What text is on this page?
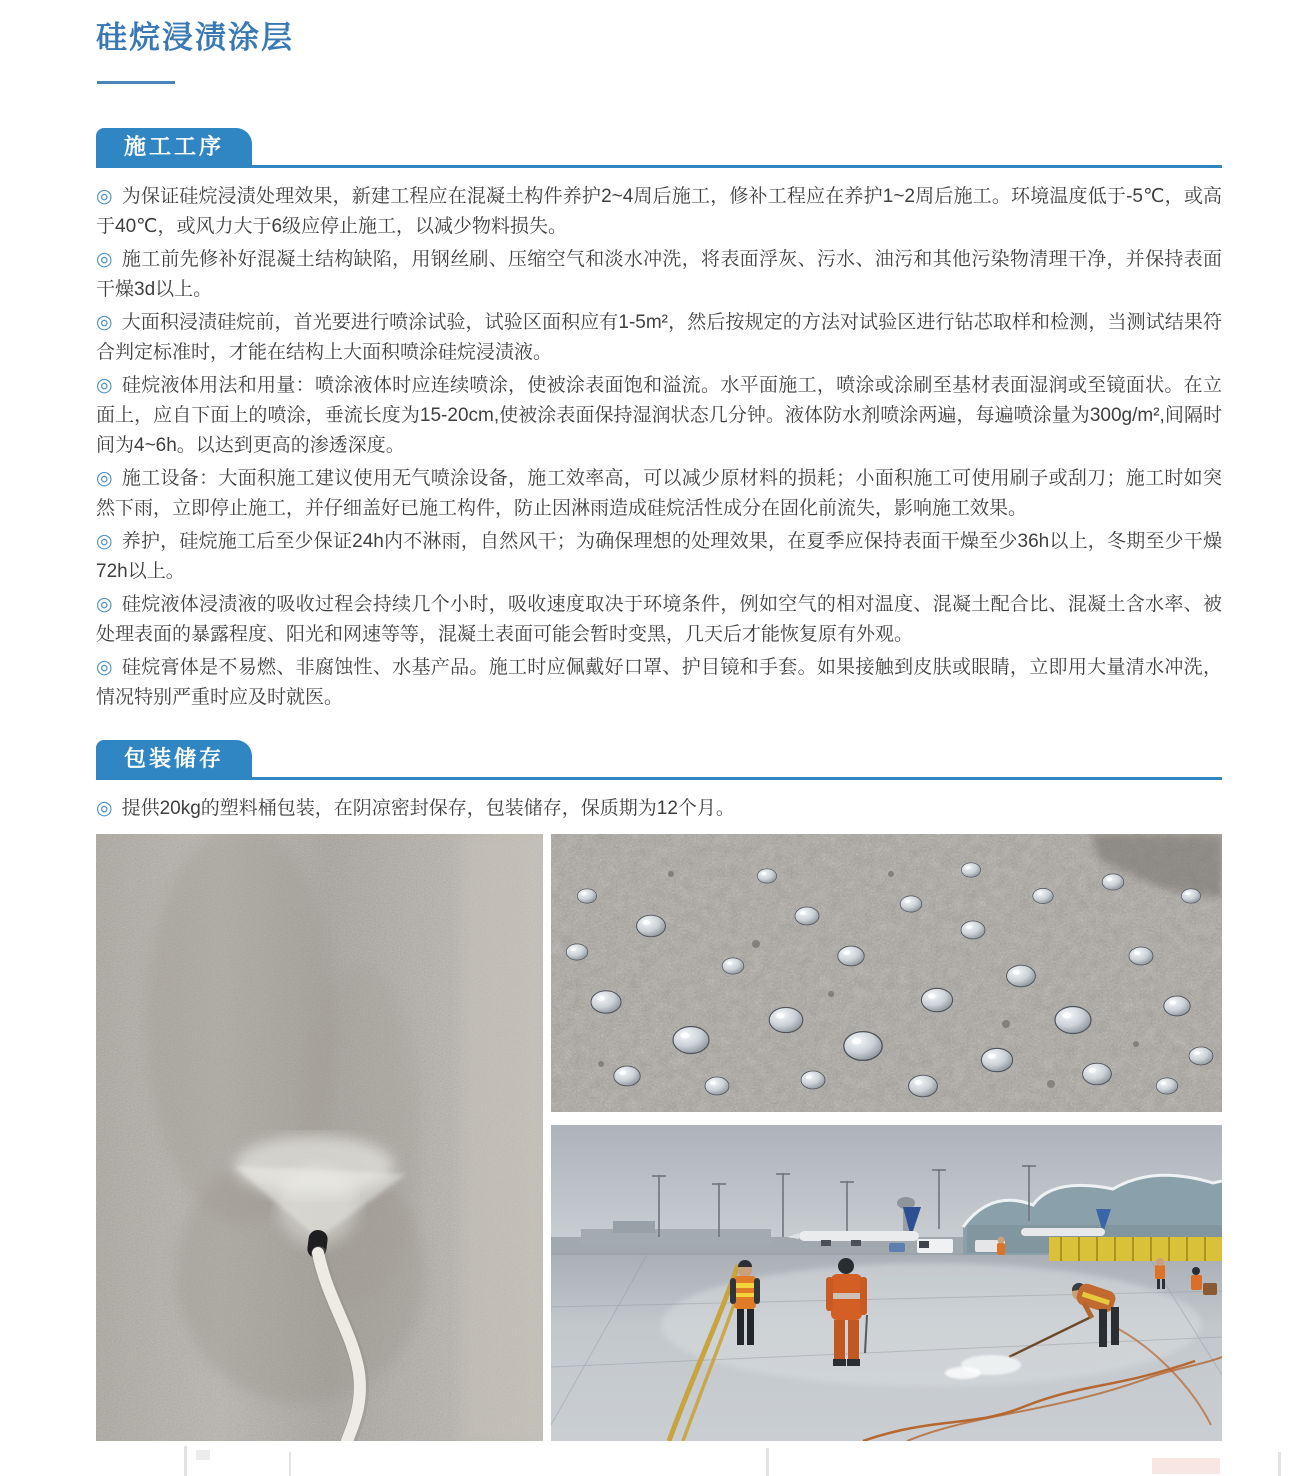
硅烷浸渍涂层
施工工序
◎ 为保证硅烷浸渍处理效果，新建工程应在混凝土构件养护2~4周后施工，修补工程应在养护1~2周后施工。环境温度低于-5℃，或高于40℃，或风力大于6级应停止施工，以减少物料损失。
◎ 施工前先修补好混凝土结构缺陷，用钢丝刷、压缩空气和淡水冲洗，将表面浮灰、污水、油污和其他污染物清理干净，并保持表面干燥3d以上。
◎ 大面积浸渍硅烷前，首光要进行喷涂试验，试验区面积应有1-5m²，然后按规定的方法对试验区进行钻芯取样和检测，当测试结果符合判定标准时，才能在结构上大面积喷涂硅烷浸渍液。
◎ 硅烷液体用法和用量：喷涂液体时应连续喷涂，使被涂表面饱和溢流。水平面施工，喷涂或涂刷至基材表面湿润或至镜面状。在立面上，应自下面上的喷涂，垂流长度为15-20cm,使被涂表面保持湿润状态几分钟。液体防水剂喷涂两遍，每遍喷涂量为300g/m²,间隔时间为4~6h。以达到更高的渗透深度。
◎ 施工设备：大面积施工建议使用无气喷涂设备，施工效率高，可以减少原材料的损耗；小面积施工可使用刷子或刮刀；施工时如突然下雨，立即停止施工，并仔细盖好已施工构件，防止因淋雨造成硅烷活性成分在固化前流失，影响施工效果。
◎ 养护，硅烷施工后至少保证24h内不淋雨，自然风干；为确保理想的处理效果，在夏季应保持表面干燥至少36h以上，冬期至少干燥72h以上。
◎ 硅烷液体浸渍液的吸收过程会持续几个小时，吸收速度取决于环境条件，例如空气的相对温度、混凝土配合比、混凝土含水率、被处理表面的暴露程度、阳光和网速等等，混凝土表面可能会暂时变黑，几天后才能恢复原有外观。
◎ 硅烷膏体是不易燃、非腐蚀性、水基产品。施工时应佩戴好口罩、护目镜和手套。如果接触到皮肤或眼睛，立即用大量清水冲洗，情况特别严重时应及时就医。
包装储存
◎ 提供20kg的塑料桶包装，在阴凉密封保存，包装储存，保质期为12个月。
